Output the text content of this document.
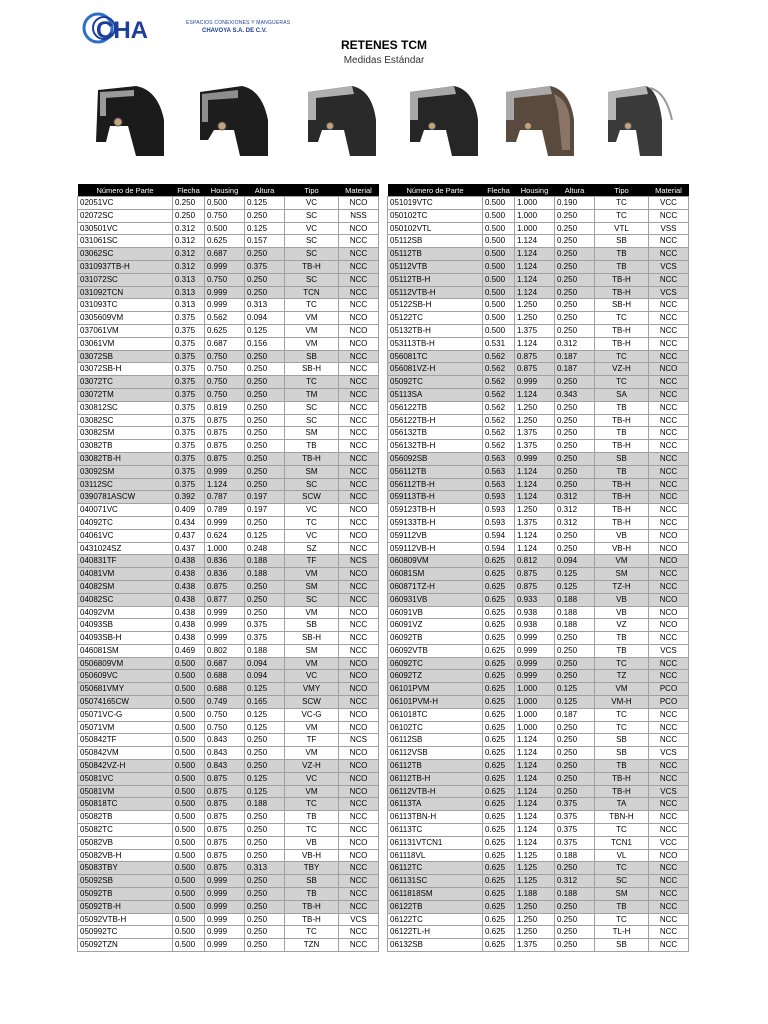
CHA	ESPACIOS CONEXIONES Y MANGUERAS
CHAVOYA S.A. DE C.V.
RETENES TCM
Medidas Estándar
Número de Parte	Flecha	Housing	Altura	Tipo	Material
02051VC	0.250	0.500	0.125	VC	NCO
02072SC	0.250	0.750	0.250	SC	NSS
030501VC	0.312	0.500	0.125	VC	NCO
031061SC	0.312	0.625	0.157	SC	NCC
03062SC	0.312	0.687	0.250	SC	NCC
0310937TB-H	0.312	0.999	0.375	TB-H	NCC
031072SC	0.313	0.750	0.250	SC	NCC
031092TCN	0.313	0.999	0.250	TCN	NCC
031093TC	0.313	0.999	0.313	TC	NCC
0305609VM	0.375	0.562	0.094	VM	NCO
037061VM	0.375	0.625	0.125	VM	NCO
03061VM	0.375	0.687	0.156	VM	NCO
03072SB	0.375	0.750	0.250	SB	NCC
03072SB-H	0.375	0.750	0.250	SB-H	NCC
03072TC	0.375	0.750	0.250	TC	NCC
03072TM	0.375	0.750	0.250	TM	NCC
030812SC	0.375	0.819	0.250	SC	NCC
03082SC	0.375	0.875	0.250	SC	NCC
03082SM	0.375	0.875	0.250	SM	NCC
03082TB	0.375	0.875	0.250	TB	NCC
03082TB-H	0.375	0.875	0.250	TB-H	NCC
03092SM	0.375	0.999	0.250	SM	NCC
03112SC	0.375	1.124	0.250	SC	NCC
0390781ASCW	0.392	0.787	0.197	SCW	NCC
040071VC	0.409	0.789	0.197	VC	NCO
04092TC	0.434	0.999	0.250	TC	NCC
04061VC	0.437	0.624	0.125	VC	NCO
0431024SZ	0.437	1.000	0.248	SZ	NCC
040831TF	0.438	0.836	0.188	TF	NCS
04081VM	0.438	0.836	0.188	VM	NCO
04082SM	0.438	0.875	0.250	SM	NCC
04082SC	0.438	0.877	0.250	SC	NCC
04092VM	0.438	0.999	0.250	VM	NCO
04093SB	0.438	0.999	0.375	SB	NCC
04093SB-H	0.438	0.999	0.375	SB-H	NCC
046081SM	0.469	0.802	0.188	SM	NCC
0506809VM	0.500	0.687	0.094	VM	NCO
050609VC	0.500	0.688	0.094	VC	NCO
050681VMY	0.500	0.688	0.125	VMY	NCO
05074165CW	0.500	0.749	0.165	SCW	NCC
05071VC-G	0.500	0.750	0.125	VC-G	NCO
05071VM	0.500	0.750	0.125	VM	NCO
050842TF	0.500	0.843	0.250	TF	NCS
050842VM	0.500	0.843	0.250	VM	NCO
050842VZ-H	0.500	0.843	0.250	VZ-H	NCO
05081VC	0.500	0.875	0.125	VC	NCO
05081VM	0.500	0.875	0.125	VM	NCO
050818TC	0.500	0.875	0.188	TC	NCC
05082TB	0.500	0.875	0.250	TB	NCC
05082TC	0.500	0.875	0.250	TC	NCC
05082VB	0.500	0.875	0.250	VB	NCO
05082VB-H	0.500	0.875	0.250	VB-H	NCO
05083TBY	0.500	0.875	0.313	TBY	NCC
05092SB	0.500	0.999	0.250	SB	NCC
05092TB	0.500	0.999	0.250	TB	NCC
05092TB-H	0.500	0.999	0.250	TB-H	NCC
05092VTB-H	0.500	0.999	0.250	TB-H	VCS
050992TC	0.500	0.999	0.250	TC	NCC
05092TZN	0.500	0.999	0.250	TZN	NCC
Número de Parte	Flecha	Housing	Altura	Tipo	Material
051019VTC	0.500	1.000	0.190	TC	VCC
050102TC	0.500	1.000	0.250	TC	NCC
050102VTL	0.500	1.000	0.250	VTL	VSS
05112SB	0.500	1.124	0.250	SB	NCC
05112TB	0.500	1.124	0.250	TB	NCC
05112VTB	0.500	1.124	0.250	TB	VCS
05112TB-H	0.500	1.124	0.250	TB-H	NCC
05112VTB-H	0.500	1.124	0.250	TB-H	VCS
05122SB-H	0.500	1.250	0.250	SB-H	NCC
05122TC	0.500	1.250	0.250	TC	NCC
05132TB-H	0.500	1.375	0.250	TB-H	NCC
053113TB-H	0.531	1.124	0.312	TB-H	NCC
056081TC	0.562	0.875	0.187	TC	NCC
056081VZ-H	0.562	0.875	0.187	VZ-H	NCO
05092TC	0.562	0.999	0.250	TC	NCC
05113SA	0.562	1.124	0.343	SA	NCC
056122TB	0.562	1.250	0.250	TB	NCC
056122TB-H	0.562	1.250	0.250	TB-H	NCC
056132TB	0.562	1.375	0.250	TB	NCC
056132TB-H	0.562	1.375	0.250	TB-H	NCC
056092SB	0.563	0.999	0.250	SB	NCC
056112TB	0.563	1.124	0.250	TB	NCC
056112TB-H	0.563	1.124	0.250	TB-H	NCC
059113TB-H	0.593	1.124	0.312	TB-H	NCC
059123TB-H	0.593	1.250	0.312	TB-H	NCC
059133TB-H	0.593	1.375	0.312	TB-H	NCC
059112VB	0.594	1.124	0.250	VB	NCO
059112VB-H	0.594	1.124	0.250	VB-H	NCO
060809VM	0.625	0.812	0.094	VM	NCO
06081SM	0.625	0.875	0.125	SM	NCC
060871TZ-H	0.625	0.875	0.125	TZ-H	NCC
060931VB	0.625	0.933	0.188	VB	NCO
06091VB	0.625	0.938	0.188	VB	NCO
06091VZ	0.625	0.938	0.188	VZ	NCO
06092TB	0.625	0.999	0.250	TB	NCC
06092VTB	0.625	0.999	0.250	TB	VCS
06092TC	0.625	0.999	0.250	TC	NCC
06092TZ	0.625	0.999	0.250	TZ	NCC
06101PVM	0.625	1.000	0.125	VM	PCO
06101PVM-H	0.625	1.000	0.125	VM-H	PCO
061018TC	0.625	1.000	0.187	TC	NCC
06102TC	0.625	1.000	0.250	TC	NCC
06112SB	0.625	1.124	0.250	SB	NCC
06112VSB	0.625	1.124	0.250	SB	VCS
06112TB	0.625	1.124	0.250	TB	NCC
06112TB-H	0.625	1.124	0.250	TB-H	NCC
06112VTB-H	0.625	1.124	0.250	TB-H	VCS
06113TA	0.625	1.124	0.375	TA	NCC
06113TBN-H	0.625	1.124	0.375	TBN-H	NCC
06113TC	0.625	1.124	0.375	TC	NCC
061131VTCN1	0.625	1.124	0.375	TCN1	VCC
061118VL	0.625	1.125	0.188	VL	NCO
06112TC	0.625	1.125	0.250	TC	NCC
061131SC	0.625	1.125	0.312	SC	NCC
0611818SM	0.625	1.188	0.188	SM	NCC
06122TB	0.625	1.250	0.250	TB	NCC
06122TC	0.625	1.250	0.250	TC	NCC
06122TL-H	0.625	1.250	0.250	TL-H	NCC
06132SB	0.625	1.375	0.250	SB	NCC
